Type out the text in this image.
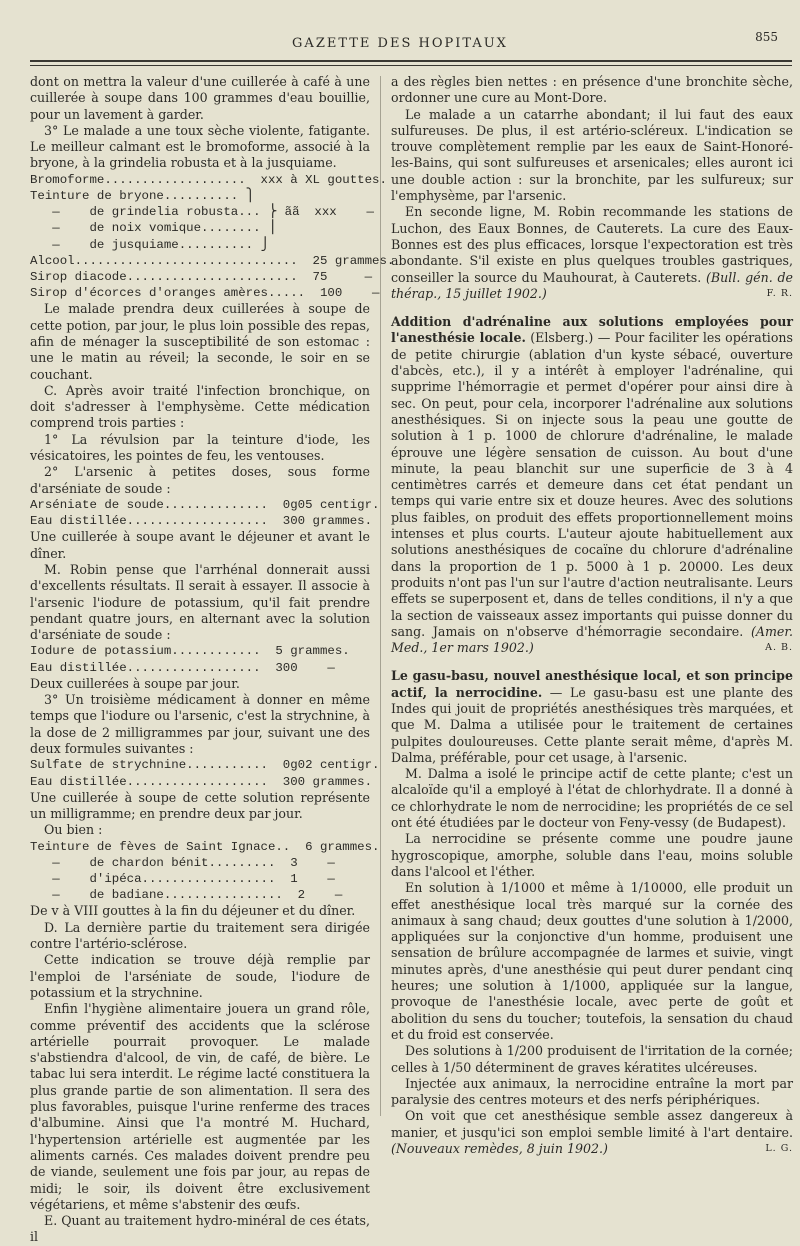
GAZETTE DES HOPITAUX	855

dont on mettra la valeur d'une cuillerée à café à une cuillerée à soupe dans 100 grammes d'eau bouillie, pour un lavement à garder.

3° Le malade a une toux sèche violente, fatigante. Le meilleur calmant est le bromoforme, associé à la bryone, à la grindelia robusta et à la jusquiame.

Bromoforme...................  xxx à XL gouttes.
Teinture de bryone.......... ⎫
—    de grindelia robusta... ⎬ ãã  xxx    —
—    de noix vomique........ ⎪
—    de jusquiame.......... ⎭
Alcool..............................  25 grammes.
Sirop diacode.......................  75     —
Sirop d'écorces d'oranges amères.....  100    —

Le malade prendra deux cuillerées à soupe de cette potion, par jour, le plus loin possible des repas, afin de ménager la susceptibilité de son estomac : une le matin au réveil; la seconde, le soir en se couchant.

C. Après avoir traité l'infection bronchique, on doit s'adresser à l'emphysème. Cette médication comprend trois parties :

1° La révulsion par la teinture d'iode, les vésicatoires, les pointes de feu, les ventouses.

2° L'arsenic à petites doses, sous forme d'arséniate de soude :

Arséniate de soude..............  0g05 centigr.
Eau distillée...................  300 grammes.

Une cuillerée à soupe avant le déjeuner et avant le dîner.

M. Robin pense que l'arrhénal donnerait aussi d'excellents résultats. Il serait à essayer. Il associe à l'arsenic l'iodure de potassium, qu'il fait prendre pendant quatre jours, en alternant avec la solution d'arséniate de soude :

Iodure de potassium............  5 grammes.
Eau distillée..................  300    —

Deux cuillerées à soupe par jour.

3° Un troisième médicament à donner en même temps que l'iodure ou l'arsenic, c'est la strychnine, à la dose de 2 milligrammes par jour, suivant une des deux formules suivantes :

Sulfate de strychnine...........  0g02 centigr.
Eau distillée...................  300 grammes.

Une cuillerée à soupe de cette solution représente un milligramme; en prendre deux par jour.

Ou bien :

Teinture de fèves de Saint Ignace..  6 grammes.
—    de chardon bénit.........  3    —
—    d'ipéca..................  1    —
—    de badiane................  2    —

De v à VIII gouttes à la fin du déjeuner et du dîner.

D. La dernière partie du traitement sera dirigée contre l'artério-sclérose.

Cette indication se trouve déjà remplie par l'emploi de l'arséniate de soude, l'iodure de potassium et la strychnine.

Enfin l'hygiène alimentaire jouera un grand rôle, comme préventif des accidents que la sclérose artérielle pourrait provoquer. Le malade s'abstiendra d'alcool, de vin, de café, de bière. Le tabac lui sera interdit. Le régime lacté constituera la plus grande partie de son alimentation. Il sera des plus favorables, puisque l'urine renferme des traces d'albumine. Ainsi que l'a montré M. Huchard, l'hypertension artérielle est augmentée par les aliments carnés. Ces malades doivent prendre peu de viande, seulement une fois par jour, au repas de midi; le soir, ils doivent être exclusivement végétariens, et même s'abstenir des œufs.

E. Quant au traitement hydro-minéral de ces états, il

a des règles bien nettes : en présence d'une bronchite sèche, ordonner une cure au Mont-Dore.

Le malade a un catarrhe abondant; il lui faut des eaux sulfureuses. De plus, il est artério-scléreux. L'indication se trouve complètement remplie par les eaux de Saint-Honoré-les-Bains, qui sont sulfureuses et arsenicales; elles auront ici une double action : sur la bronchite, par les sulfureux; sur l'emphysème, par l'arsenic.

En seconde ligne, M. Robin recommande les stations de Luchon, des Eaux Bonnes, de Cauterets. La cure des Eaux-Bonnes est des plus efficaces, lorsque l'expectoration est très abondante. S'il existe en plus quelques troubles gastriques, conseiller la source du Mauhourat, à Cauterets. (Bull. gén. de thérap., 15 juillet 1902.)	F. R.

Addition d'adrénaline aux solutions employées pour l'anesthésie locale. (Elsberg.) — Pour faciliter les opérations de petite chirurgie (ablation d'un kyste sébacé, ouverture d'abcès, etc.), il y a intérêt à employer l'adrénaline, qui supprime l'hémorragie et permet d'opérer pour ainsi dire à sec. On peut, pour cela, incorporer l'adrénaline aux solutions anesthésiques. Si on injecte sous la peau une goutte de solution à 1 p. 1000 de chlorure d'adrénaline, le malade éprouve une légère sensation de cuisson. Au bout d'une minute, la peau blanchit sur une superficie de 3 à 4 centimètres carrés et demeure dans cet état pendant un temps qui varie entre six et douze heures. Avec des solutions plus faibles, on produit des effets proportionnellement moins intenses et plus courts. L'auteur ajoute habituellement aux solutions anesthésiques de cocaïne du chlorure d'adrénaline dans la proportion de 1 p. 5000 à 1 p. 20000. Les deux produits n'ont pas l'un sur l'autre d'action neutralisante. Leurs effets se superposent et, dans de telles conditions, il n'y a que la section de vaisseaux assez importants qui puisse donner du sang. Jamais on n'observe d'hémorragie secondaire. (Amer. Med., 1er mars 1902.)	A. B.

Le gasu-basu, nouvel anesthésique local, et son principe actif, la nerrocidine. — Le gasu-basu est une plante des Indes qui jouit de propriétés anesthésiques très marquées, et que M. Dalma a utilisée pour le traitement de certaines pulpites douloureuses. Cette plante serait même, d'après M. Dalma, préférable, pour cet usage, à l'arsenic.

M. Dalma a isolé le principe actif de cette plante; c'est un alcaloïde qu'il a employé à l'état de chlorhydrate. Il a donné à ce chlorhydrate le nom de nerrocidine; les propriétés de ce sel ont été étudiées par le docteur von Feny-vessy (de Budapest).

La nerrocidine se présente comme une poudre jaune hygroscopique, amorphe, soluble dans l'eau, moins soluble dans l'alcool et l'éther.

En solution à 1/1000 et même à 1/10000, elle produit un effet anesthésique local très marqué sur la cornée des animaux à sang chaud; deux gouttes d'une solution à 1/2000, appliquées sur la conjonctive d'un homme, produisent une sensation de brûlure accompagnée de larmes et suivie, vingt minutes après, d'une anesthésie qui peut durer pendant cinq heures; une solution à 1/1000, appliquée sur la langue, provoque de l'anesthésie locale, avec perte de goût et abolition du sens du toucher; toutefois, la sensation du chaud et du froid est conservée.

Des solutions à 1/200 produisent de l'irritation de la cornée; celles à 1/50 déterminent de graves kératites ulcéreuses.

Injectée aux animaux, la nerrocidine entraîne la mort par paralysie des centres moteurs et des nerfs périphériques.

On voit que cet anesthésique semble assez dangereux à manier, et jusqu'ici son emploi semble limité à l'art dentaire. (Nouveaux remèdes, 8 juin 1902.)	L. G.
